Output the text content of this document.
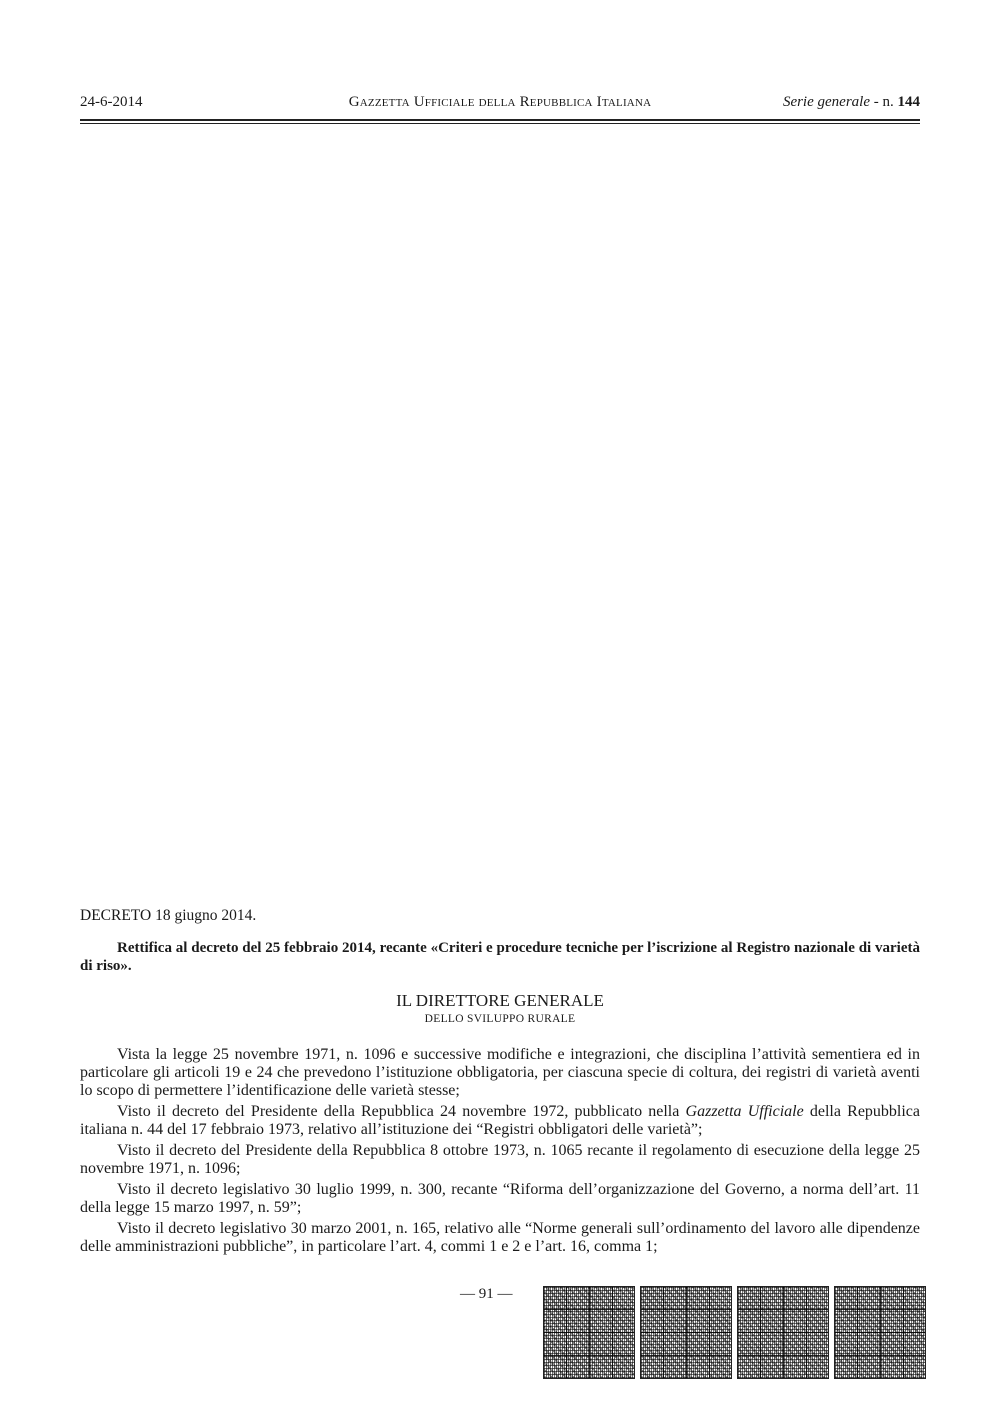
24-6-2014	Gazzetta Ufficiale della Repubblica Italiana	Serie generale - n. 144
DECRETO 18 giugno 2014.
Rettifica al decreto del 25 febbraio 2014, recante «Criteri e procedure tecniche per l’iscrizione al Registro nazionale di varietà di riso».
IL DIRETTORE GENERALE
DELLO SVILUPPO RURALE

Vista la legge 25 novembre 1971, n. 1096 e successive modifiche e integrazioni, che disciplina l’attività sementiera ed in particolare gli articoli 19 e 24 che prevedono l’istituzione obbligatoria, per ciascuna specie di coltura, dei registri di varietà aventi lo scopo di permettere l’identificazione delle varietà stesse;

Visto il decreto del Presidente della Repubblica 24 novembre 1972, pubblicato nella Gazzetta Ufficiale della Repubblica italiana n. 44 del 17 febbraio 1973, relativo all’istituzione dei “Registri obbligatori delle varietà”;

Visto il decreto del Presidente della Repubblica 8 ottobre 1973, n. 1065 recante il regolamento di esecuzione della legge 25 novembre 1971, n. 1096;

Visto il decreto legislativo 30 luglio 1999, n. 300, recante “Riforma dell’organizzazione del Governo, a norma dell’art. 11 della legge 15 marzo 1997, n. 59”;

Visto il decreto legislativo 30 marzo 2001, n. 165, relativo alle “Norme generali sull’ordinamento del lavoro alle dipendenze delle amministrazioni pubbliche”, in particolare l’art. 4, commi 1 e 2 e l’art. 16, comma 1;

— 91 —
